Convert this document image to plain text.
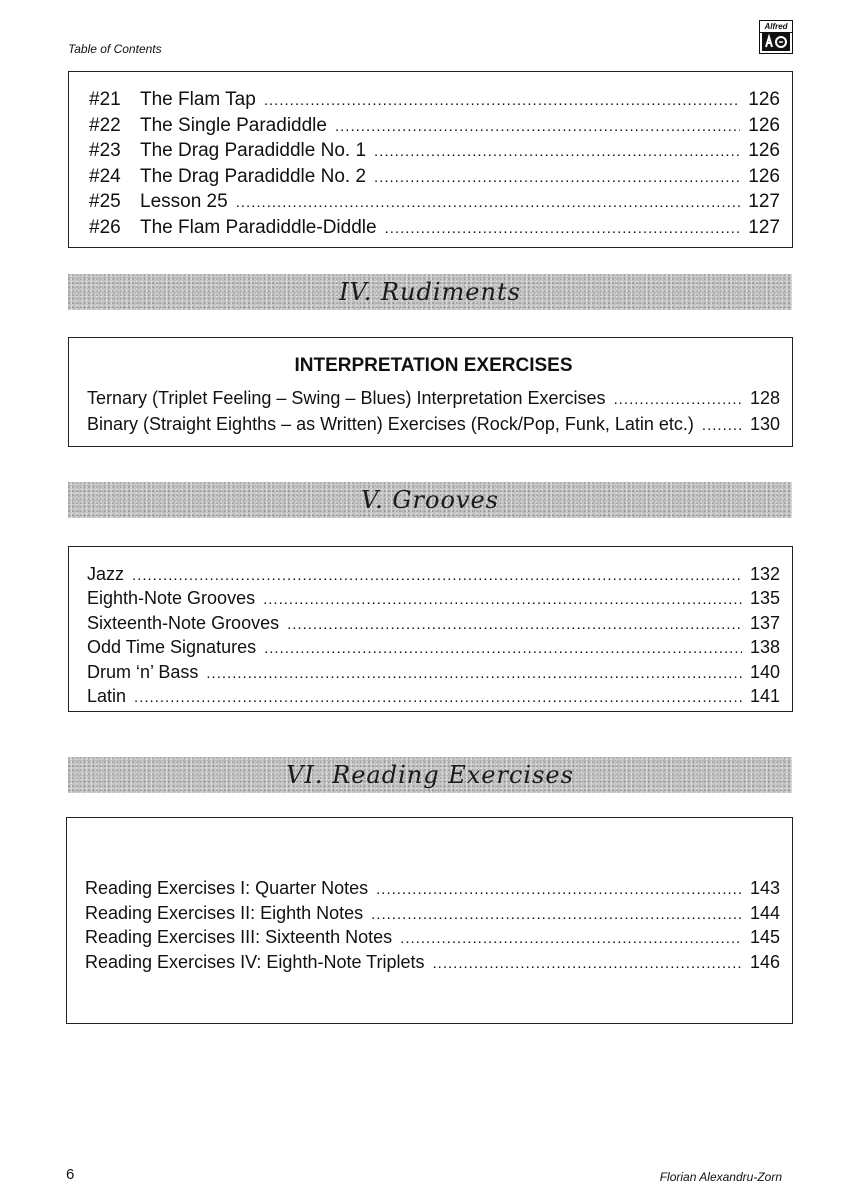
Table of Contents
Alfred
#21	The Flam Tap .....	126
#22	The Single Paradiddle .....	126
#23	The Drag Paradiddle No. 1 .....	126
#24	The Drag Paradiddle No. 2 .....	126
#25	Lesson 25 .....	127
#26	The Flam Paradiddle-Diddle .....	127
IV. Rudiments
INTERPRETATION EXERCISES
Ternary (Triplet Feeling – Swing – Blues) Interpretation Exercises .....	128
Binary (Straight Eighths – as Written) Exercises (Rock/Pop, Funk, Latin etc.) .....	130
V. Grooves
Jazz .....	132
Eighth-Note Grooves .....	135
Sixteenth-Note Grooves .....	137
Odd Time Signatures .....	138
Drum ‘n’ Bass .....	140
Latin .....	141
VI. Reading Exercises
Reading Exercises I: Quarter Notes .....	143
Reading Exercises II: Eighth Notes .....	144
Reading Exercises III: Sixteenth Notes .....	145
Reading Exercises IV: Eighth-Note Triplets .....	146
6	Florian Alexandru-Zorn
